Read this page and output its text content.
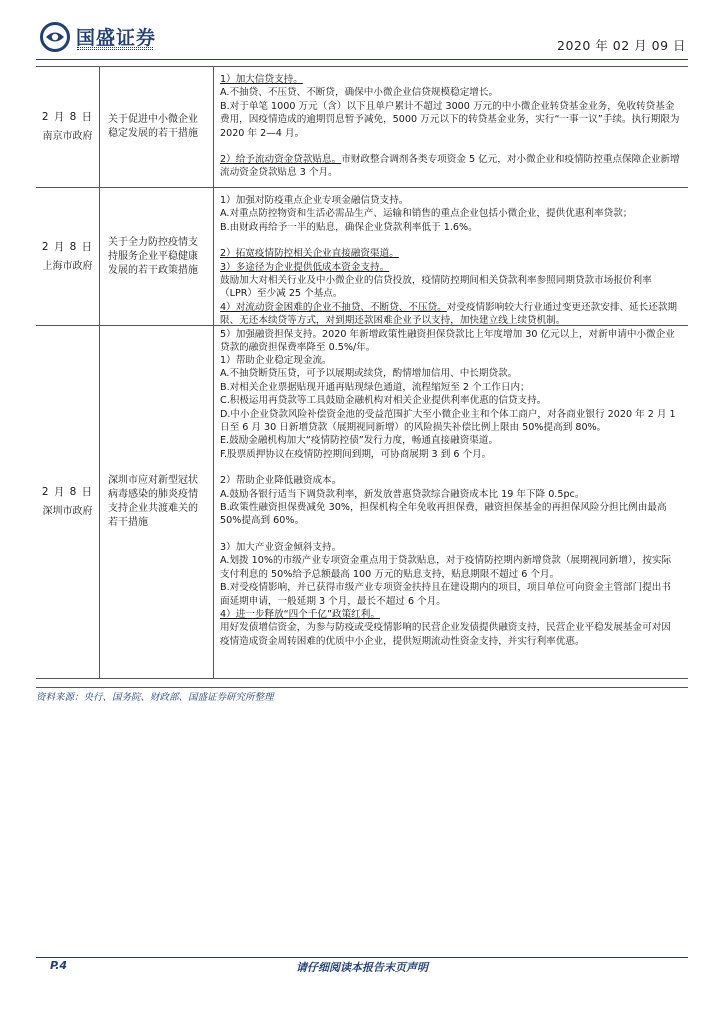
国盛证券	2020 年 02 月 09 日
2 月 8 日
南京市政府
关于促进中小微企业稳定发展的若干措施

1）加大信贷支持。

A.不抽贷、不压贷、不断贷，确保中小微企业信贷规模稳定增长。

B.对于单笔 1000 万元（含）以下且单户累计不超过 3000 万元的中小微企业转贷基金业务，免收转贷基金费用，因疫情造成的逾期罚息暂予减免，5000 万元以下的转贷基金业务，实行“一事一议”手续。执行期限为 2020 年 2—4 月。

2）给予流动资金贷款贴息。市财政整合调剂各类专项资金 5 亿元，对小微企业和疫情防控重点保障企业新增流动资金贷款贴息 3 个月。

2 月 8 日
上海市政府
关于全力防控疫情支持服务企业平稳健康发展的若干政策措施

1）加强对防疫重点企业专项金融信贷支持。

A.对重点防控物资和生活必需品生产、运输和销售的重点企业包括小微企业，提供优惠利率贷款；

B.由财政再给予一半的贴息，确保企业贷款利率低于 1.6%。

2）拓宽疫情防控相关企业直接融资渠道。

3）多途径为企业提供低成本资金支持。

鼓励加大对相关行业及中小微企业的信贷投放，疫情防控期间相关贷款利率参照同期贷款市场报价利率（LPR）至少减 25 个基点。

4）对流动资金困难的企业不抽贷、不断贷、不压贷。对受疫情影响较大行业通过变更还款安排、延长还款期限、无还本续贷等方式，对到期还款困难企业予以支持，加快建立线上续贷机制。

5）加强融资担保支持。2020 年新增政策性融资担保贷款比上年度增加 30 亿元以上，对新申请中小微企业贷款的融资担保费率降至 0.5%/年。

2 月 8 日
深圳市政府
深圳市应对新型冠状病毒感染的肺炎疫情支持企业共渡难关的若干措施

1）帮助企业稳定现金流。

A.不抽贷断贷压贷，可予以展期或续贷，酌情增加信用、中长期贷款。

B.对相关企业票据贴现开通再贴现绿色通道，流程缩短至 2 个工作日内；

C.积极运用再贷款等工具鼓励金融机构对相关企业提供利率优惠的信贷支持。

D.中小企业贷款风险补偿资金池的受益范围扩大至小微企业主和个体工商户，对各商业银行 2020 年 2 月 1 日至 6 月 30 日新增贷款（展期视同新增）的风险损失补偿比例上限由 50%提高到 80%。

E.鼓励金融机构加大“疫情防控债”发行力度，畅通直接融资渠道。

F.股票质押协议在疫情防控期间到期，可协商展期 3 到 6 个月。

2）帮助企业降低融资成本。

A.鼓励各银行适当下调贷款利率，新发放普惠贷款综合融资成本比 19 年下降 0.5pc。

B.政策性融资担保费减免 30%，担保机构全年免收再担保费，融资担保基金的再担保风险分担比例由最高 50%提高到 60%。

3）加大产业资金倾斜支持。

A.划拨 10%的市级产业专项资金重点用于贷款贴息，对于疫情防控期内新增贷款（展期视同新增），按实际支付利息的 50%给予总额最高 100 万元的贴息支持，贴息期限不超过 6 个月。

B.对受疫情影响，并已获得市级产业专项资金扶持且在建设期内的项目，项目单位可向资金主管部门提出书面延期申请，一般延期 3 个月，最长不超过 6 个月。

4）进一步释放“四个千亿”政策红利。

用好发债增信资金，为参与防疫或受疫情影响的民营企业发债提供融资支持，民营企业平稳发展基金可对因疫情造成资金周转困难的优质中小企业，提供短期流动性资金支持，并实行利率优惠。

资料来源：央行、国务院、财政部、国盛证券研究所整理
请仔细阅读本报告末页声明
P.4
